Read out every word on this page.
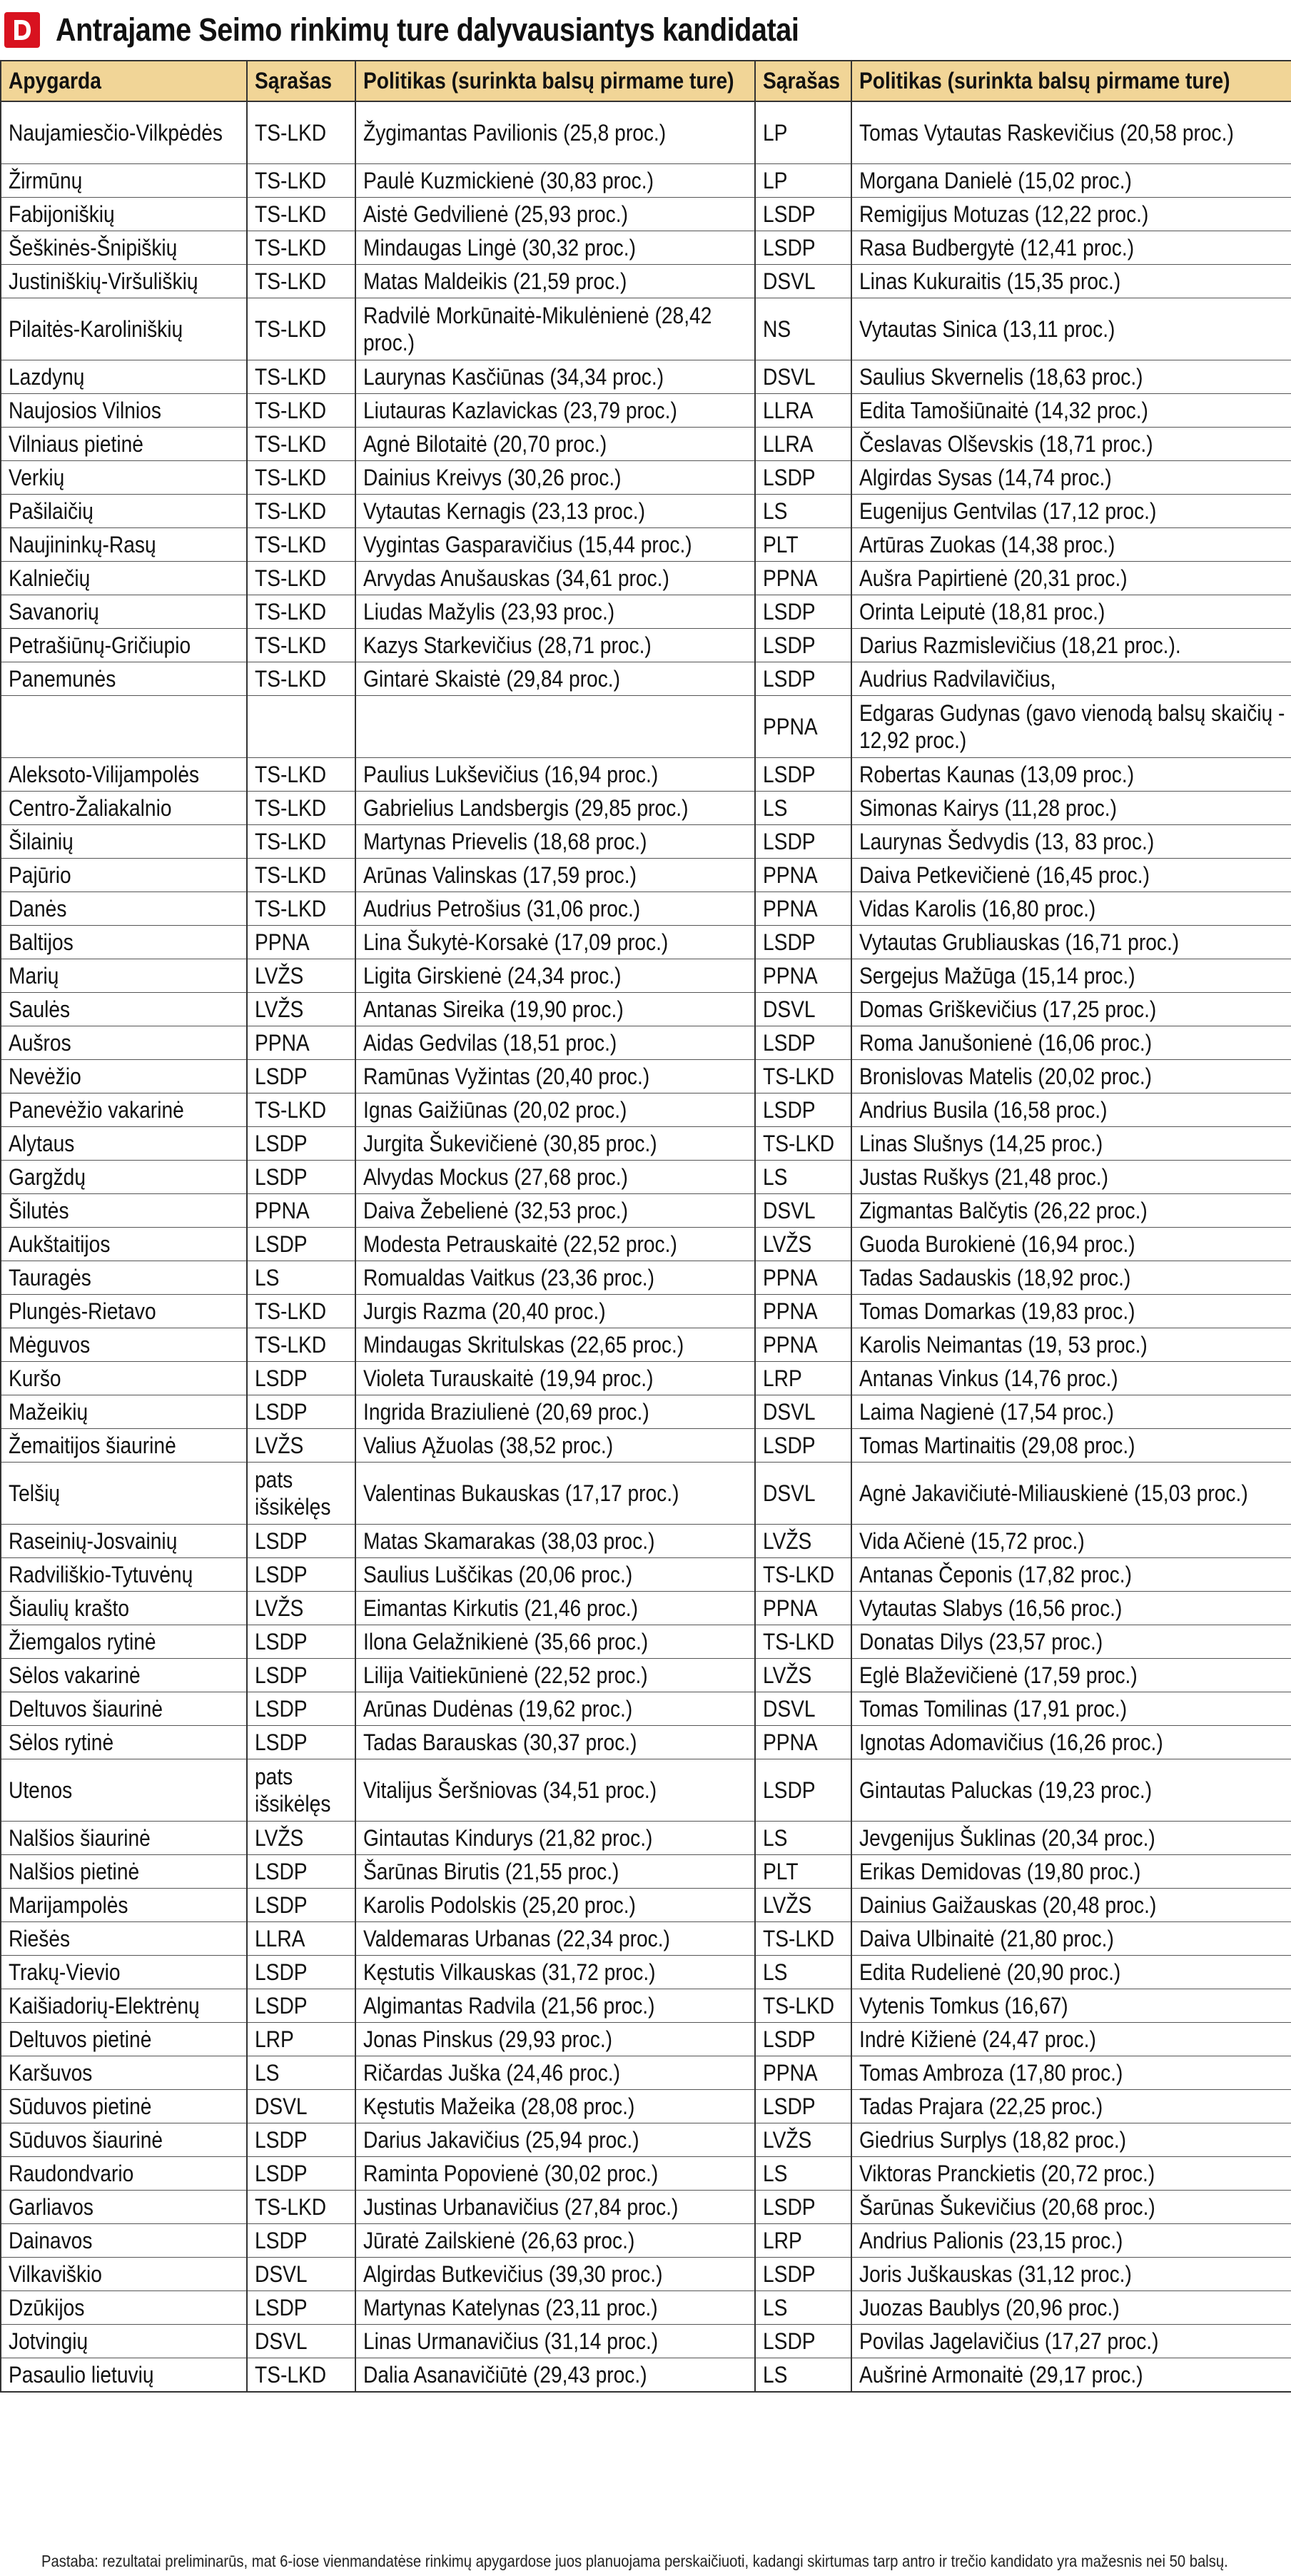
Antrajame Seimo rinkimų ture dalyvausiantys kandidatai
Apygarda	Sąrašas	Politikas (surinkta balsų pirmame ture)	Sąrašas	Politikas (surinkta balsų pirmame ture)

Naujamiesčio-Vilkpėdės	TS-LKD	Žygimantas Pavilionis (25,8 proc.)	LP	Tomas Vytautas Raskevičius (20,58 proc.)

Žirmūnų	TS-LKD	Paulė Kuzmickienė (30,83 proc.)	LP	Morgana Danielė (15,02 proc.)
Fabijoniškių	TS-LKD	Aistė Gedvilienė (25,93 proc.)	LSDP	Remigijus Motuzas (12,22 proc.)
Šeškinės-Šnipiškių	TS-LKD	Mindaugas Lingė (30,32 proc.)	LSDP	Rasa Budbergytė (12,41 proc.)
Justiniškių-Viršuliškių	TS-LKD	Matas Maldeikis (21,59 proc.)	DSVL	Linas Kukuraitis (15,35 proc.)

Pilaitės-Karoliniškių	TS-LKD	Radvilė Morkūnaitė-Mikulėnienė (28,42 proc.)	NS	Vytautas Sinica (13,11 proc.)

Lazdynų	TS-LKD	Laurynas Kasčiūnas (34,34 proc.)	DSVL	Saulius Skvernelis (18,63 proc.)
Naujosios Vilnios	TS-LKD	Liutauras Kazlavickas (23,79 proc.)	LLRA	Edita Tamošiūnaitė (14,32 proc.)
Vilniaus pietinė	TS-LKD	Agnė Bilotaitė (20,70 proc.)	LLRA	Česlavas Olševskis (18,71 proc.)
Verkių	TS-LKD	Dainius Kreivys (30,26 proc.)	LSDP	Algirdas Sysas (14,74 proc.)
Pašilaičių	TS-LKD	Vytautas Kernagis (23,13 proc.)	LS	Eugenijus Gentvilas (17,12 proc.)
Naujininkų-Rasų	TS-LKD	Vygintas Gasparavičius (15,44 proc.)	PLT	Artūras Zuokas (14,38 proc.)
Kalniečių	TS-LKD	Arvydas Anušauskas (34,61 proc.)	PPNA	Aušra Papirtienė (20,31 proc.)
Savanorių	TS-LKD	Liudas Mažylis (23,93 proc.)	LSDP	Orinta Leiputė (18,81 proc.)
Petrašiūnų-Gričiupio	TS-LKD	Kazys Starkevičius (28,71 proc.)	LSDP	Darius Razmislevičius (18,21 proc.).
Panemunės	TS-LKD	Gintarė Skaistė (29,84 proc.)	LSDP	Audrius Radvilavičius,

			PPNA	Edgaras Gudynas (gavo vienodą balsų skaičių - 12,92 proc.)

Aleksoto-Vilijampolės	TS-LKD	Paulius Lukševičius (16,94 proc.)	LSDP	Robertas Kaunas (13,09 proc.)
Centro-Žaliakalnio	TS-LKD	Gabrielius Landsbergis (29,85 proc.)	LS	Simonas Kairys (11,28 proc.)
Šilainių	TS-LKD	Martynas Prievelis (18,68 proc.)	LSDP	Laurynas Šedvydis (13, 83 proc.)
Pajūrio	TS-LKD	Arūnas Valinskas (17,59 proc.)	PPNA	Daiva Petkevičienė (16,45 proc.)
Danės	TS-LKD	Audrius Petrošius (31,06 proc.)	PPNA	Vidas Karolis (16,80 proc.)
Baltijos	PPNA	Lina Šukytė-Korsakė (17,09 proc.)	LSDP	Vytautas Grubliauskas (16,71 proc.)
Marių	LVŽS	Ligita Girskienė (24,34 proc.)	PPNA	Sergejus Mažūga (15,14 proc.)
Saulės	LVŽS	Antanas Sireika (19,90 proc.)	DSVL	Domas Griškevičius (17,25 proc.)
Aušros	PPNA	Aidas Gedvilas (18,51 proc.)	LSDP	Roma Janušonienė (16,06 proc.)
Nevėžio	LSDP	Ramūnas Vyžintas (20,40 proc.)	TS-LKD	Bronislovas Matelis (20,02 proc.)
Panevėžio vakarinė	TS-LKD	Ignas Gaižiūnas (20,02 proc.)	LSDP	Andrius Busila (16,58 proc.)
Alytaus	LSDP	Jurgita Šukevičienė (30,85 proc.)	TS-LKD	Linas Slušnys (14,25 proc.)
Gargždų	LSDP	Alvydas Mockus (27,68 proc.)	LS	Justas Ruškys (21,48 proc.)
Šilutės	PPNA	Daiva Žebelienė (32,53 proc.)	DSVL	Zigmantas Balčytis (26,22 proc.)
Aukštaitijos	LSDP	Modesta Petrauskaitė (22,52 proc.)	LVŽS	Guoda Burokienė (16,94 proc.)
Tauragės	LS	Romualdas Vaitkus (23,36 proc.)	PPNA	Tadas Sadauskis (18,92 proc.)
Plungės-Rietavo	TS-LKD	Jurgis Razma (20,40 proc.)	PPNA	Tomas Domarkas (19,83 proc.)
Mėguvos	TS-LKD	Mindaugas Skritulskas (22,65 proc.)	PPNA	Karolis Neimantas (19, 53 proc.)
Kuršo	LSDP	Violeta Turauskaitė (19,94 proc.)	LRP	Antanas Vinkus (14,76 proc.)
Mažeikių	LSDP	Ingrida Braziulienė (20,69 proc.)	DSVL	Laima Nagienė (17,54 proc.)
Žemaitijos šiaurinė	LVŽS	Valius Ąžuolas (38,52 proc.)	LSDP	Tomas Martinaitis (29,08 proc.)

Telšių	pats išsikėlęs	Valentinas Bukauskas (17,17 proc.)	DSVL	Agnė Jakavičiutė-Miliauskienė (15,03 proc.)

Raseinių-Josvainių	LSDP	Matas Skamarakas (38,03 proc.)	LVŽS	Vida Ačienė (15,72 proc.)
Radviliškio-Tytuvėnų	LSDP	Saulius Luščikas (20,06 proc.)	TS-LKD	Antanas Čeponis (17,82 proc.)
Šiaulių krašto	LVŽS	Eimantas Kirkutis (21,46 proc.)	PPNA	Vytautas Slabys (16,56 proc.)
Žiemgalos rytinė	LSDP	Ilona Gelažnikienė (35,66 proc.)	TS-LKD	Donatas Dilys (23,57 proc.)
Sėlos vakarinė	LSDP	Lilija Vaitiekūnienė (22,52 proc.)	LVŽS	Eglė Blaževičienė (17,59 proc.)
Deltuvos šiaurinė	LSDP	Arūnas Dudėnas (19,62 proc.)	DSVL	Tomas Tomilinas (17,91 proc.)
Sėlos rytinė	LSDP	Tadas Barauskas (30,37 proc.)	PPNA	Ignotas Adomavičius (16,26 proc.)

Utenos	pats išsikėlęs	Vitalijus Šeršniovas (34,51 proc.)	LSDP	Gintautas Paluckas (19,23 proc.)

Nalšios šiaurinė	LVŽS	Gintautas Kindurys (21,82 proc.)	LS	Jevgenijus Šuklinas (20,34 proc.)
Nalšios pietinė	LSDP	Šarūnas Birutis (21,55 proc.)	PLT	Erikas Demidovas (19,80 proc.)
Marijampolės	LSDP	Karolis Podolskis (25,20 proc.)	LVŽS	Dainius Gaižauskas (20,48 proc.)
Riešės	LLRA	Valdemaras Urbanas (22,34 proc.)	TS-LKD	Daiva Ulbinaitė (21,80 proc.)
Trakų-Vievio	LSDP	Kęstutis Vilkauskas (31,72 proc.)	LS	Edita Rudelienė (20,90 proc.)
Kaišiadorių-Elektrėnų	LSDP	Algimantas Radvila (21,56 proc.)	TS-LKD	Vytenis Tomkus (16,67)
Deltuvos pietinė	LRP	Jonas Pinskus (29,93 proc.)	LSDP	Indrė Kižienė (24,47 proc.)
Karšuvos	LS	Ričardas Juška (24,46 proc.)	PPNA	Tomas Ambroza (17,80 proc.)
Sūduvos pietinė	DSVL	Kęstutis Mažeika (28,08 proc.)	LSDP	Tadas Prajara (22,25 proc.)
Sūduvos šiaurinė	LSDP	Darius Jakavičius (25,94 proc.)	LVŽS	Giedrius Surplys (18,82 proc.)
Raudondvario	LSDP	Raminta Popovienė (30,02 proc.)	LS	Viktoras Pranckietis (20,72 proc.)
Garliavos	TS-LKD	Justinas Urbanavičius (27,84 proc.)	LSDP	Šarūnas Šukevičius (20,68 proc.)
Dainavos	LSDP	Jūratė Zailskienė (26,63 proc.)	LRP	Andrius Palionis (23,15 proc.)
Vilkaviškio	DSVL	Algirdas Butkevičius (39,30 proc.)	LSDP	Joris Juškauskas (31,12 proc.)
Dzūkijos	LSDP	Martynas Katelynas (23,11 proc.)	LS	Juozas Baublys (20,96 proc.)
Jotvingių	DSVL	Linas Urmanavičius (31,14 proc.)	LSDP	Povilas Jagelavičius (17,27 proc.)
Pasaulio lietuvių	TS-LKD	Dalia Asanavičiūtė (29,43 proc.)	LS	Aušrinė Armonaitė (29,17 proc.)
Pastaba: rezultatai preliminarūs, mat 6-iose vienmandatėse rinkimų apygardose juos planuojama perskaičiuoti, kadangi skirtumas tarp antro ir trečio kandidato yra mažesnis nei 50 balsų.
